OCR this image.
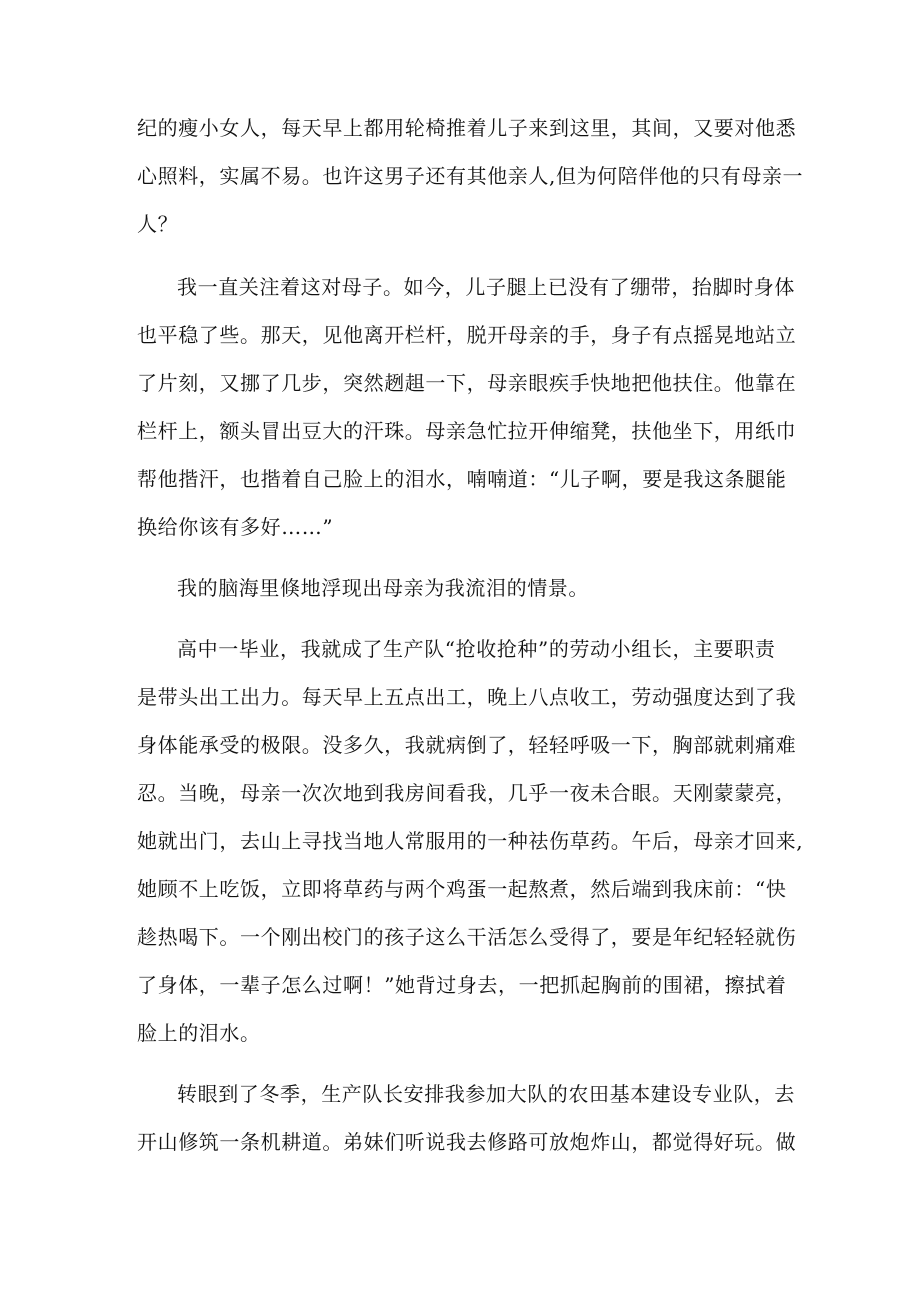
纪的瘦小女人，每天早上都用轮椅推着儿子来到这里，其间，又要对他悉

心照料，实属不易。也许这男子还有其他亲人,但为何陪伴他的只有母亲一

人？

我一直关注着这对母子。如今，儿子腿上已没有了绷带，抬脚时身体

也平稳了些。那天，见他离开栏杆，脱开母亲的手，身子有点摇晃地站立

了片刻，又挪了几步，突然趔趄一下，母亲眼疾手快地把他扶住。他靠在

栏杆上，额头冒出豆大的汗珠。母亲急忙拉开伸缩凳，扶他坐下，用纸巾

帮他揩汗，也揩着自己脸上的泪水，喃喃道：“儿子啊，要是我这条腿能

换给你该有多好……”

我的脑海里倏地浮现出母亲为我流泪的情景。

高中一毕业，我就成了生产队“抢收抢种”的劳动小组长，主要职责

是带头出工出力。每天早上五点出工，晚上八点收工，劳动强度达到了我

身体能承受的极限。没多久，我就病倒了，轻轻呼吸一下，胸部就刺痛难

忍。当晚，母亲一次次地到我房间看我，几乎一夜未合眼。天刚蒙蒙亮，

她就出门，去山上寻找当地人常服用的一种祛伤草药。午后，母亲才回来,

她顾不上吃饭，立即将草药与两个鸡蛋一起熬煮，然后端到我床前：“快

趁热喝下。一个刚出校门的孩子这么干活怎么受得了，要是年纪轻轻就伤

了身体，一辈子怎么过啊！”她背过身去，一把抓起胸前的围裙，擦拭着

脸上的泪水。

转眼到了冬季，生产队长安排我参加大队的农田基本建设专业队，去

开山修筑一条机耕道。弟妹们听说我去修路可放炮炸山，都觉得好玩。做
